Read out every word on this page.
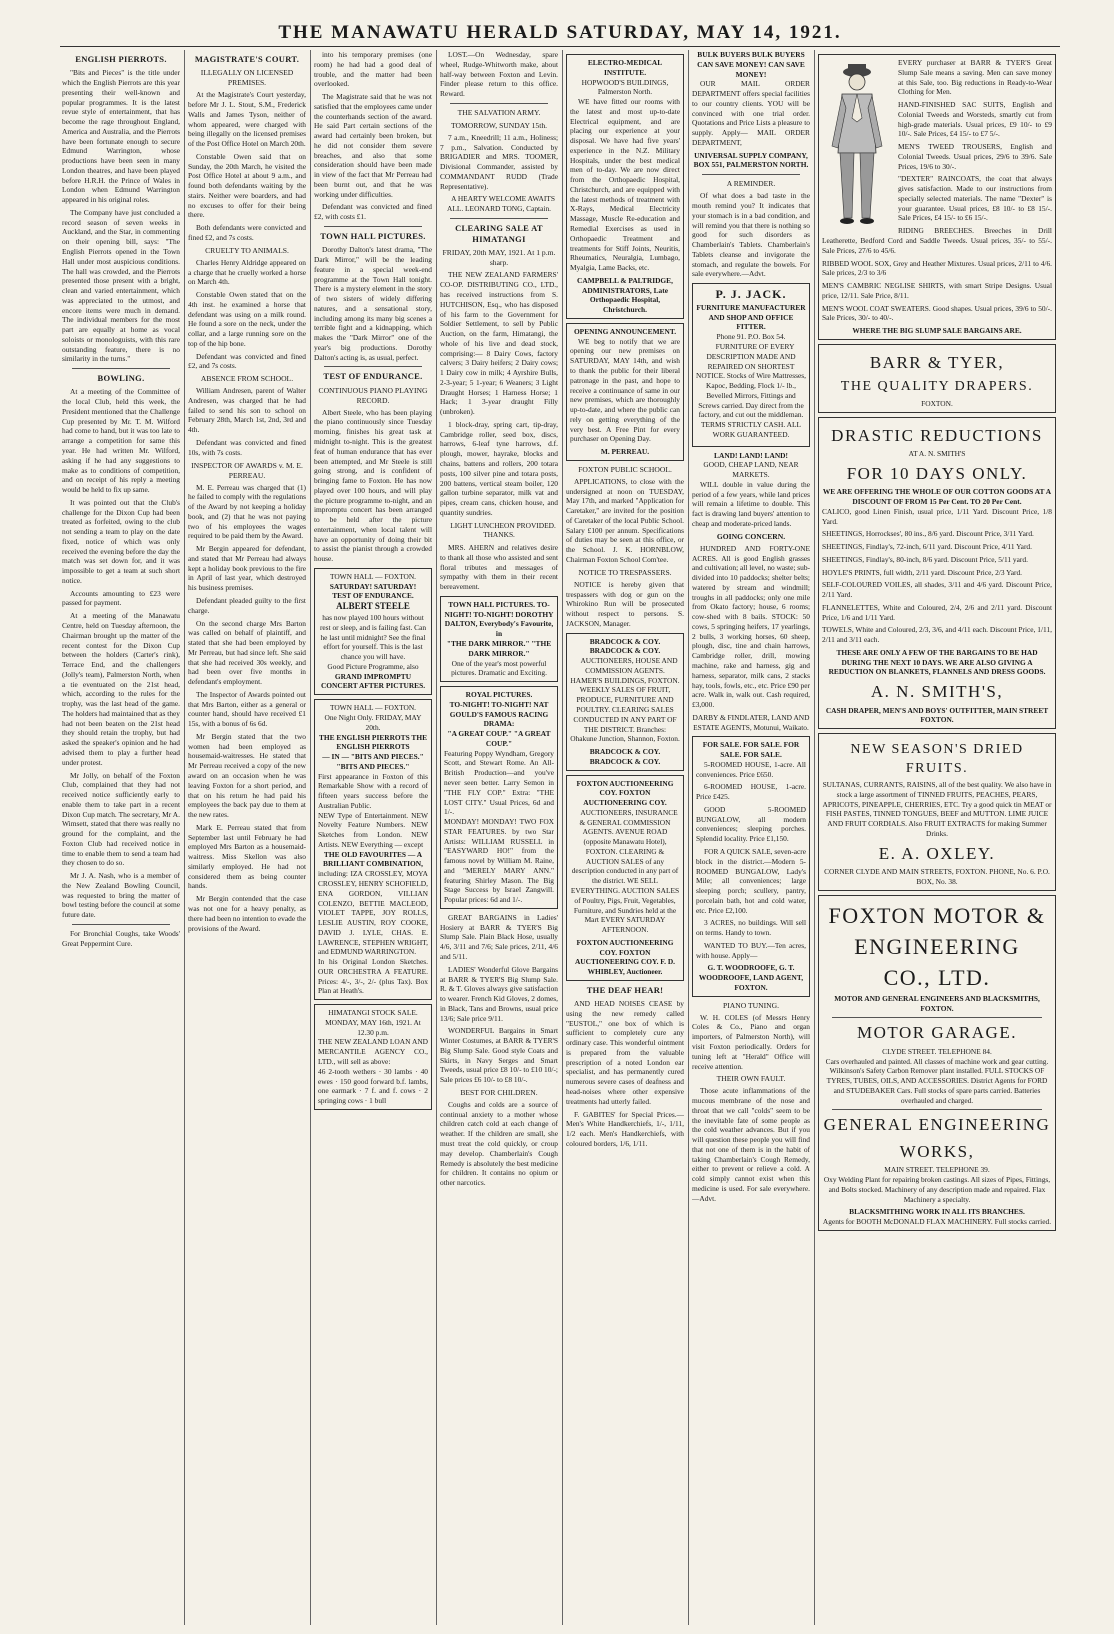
THE MANAWATU HERALD SATURDAY, MAY 14, 1921.
ENGLISH PIERROTS.

"Bits and Pieces" is the title under which the English Pierrots are this year presenting their well-known and popular programmes. It is the latest revue style of entertainment, that has become the rage throughout England, America and Australia, and the Pierrots have been fortunate enough to secure Edmund Warrington, whose productions have been seen in many London theatres, and have been played before H.R.H. the Prince of Wales in London when Edmund Warrington appeared in his original roles.

The Company have just concluded a record season of seven weeks in Auckland, and the Star, in commenting on their opening bill, says: "The English Pierrots opened in the Town Hall under most auspicious conditions. The hall was crowded, and the Pierrots presented those present with a bright, clean and varied entertainment, which was appreciated to the utmost, and encore items were much in demand. The individual members for the most part are equally at home as vocal soloists or monologuists, with this rare outstanding feature, there is no similarity in the turns."

BOWLING.

At a meeting of the Committee of the local Club, held this week, the President mentioned that the Challenge Cup presented by Mr. T. M. Wilford had come to hand, but it was too late to arrange a competition for same this year. He had written Mr. Wilford, asking if he had any suggestions to make as to conditions of competition, and on receipt of his reply a meeting would be held to fix up same.

It was pointed out that the Club's challenge for the Dixon Cup had been treated as forfeited, owing to the club not sending a team to play on the date fixed, notice of which was only received the evening before the day the match was set down for, and it was impossible to get a team at such short notice.

Accounts amounting to £23 were passed for payment.

At a meeting of the Manawatu Centre, held on Tuesday afternoon, the Chairman brought up the matter of the recent contest for the Dixon Cup between the holders (Carter's rink), Terrace End, and the challengers (Jolly's team), Palmerston North, when a tie eventuated on the 21st head, which, according to the rules for the trophy, was the last head of the game. The holders had maintained that as they had not been beaten on the 21st head they should retain the trophy, but had asked the speaker's opinion and he had advised them to play a further head under protest.

Mr Jolly, on behalf of the Foxton Club, complained that they had not received notice sufficiently early to enable them to take part in a recent Dixon Cup match. The secretary, Mr A. Wimsett, stated that there was really no ground for the complaint, and the Foxton Club had received notice in time to enable them to send a team had they chosen to do so.

Mr J. A. Nash, who is a member of the New Zealand Bowling Council, was requested to bring the matter of bowl testing before the council at some future date.

For Bronchial Coughs, take Woods' Great Peppermint Cure.

MAGISTRATE'S COURT.
ILLEGALLY ON LICENSED PREMISES.

At the Magistrate's Court yesterday, before Mr J. L. Stout, S.M., Frederick Walls and James Tyson, neither of whom appeared, were charged with being illegally on the licensed premises of the Post Office Hotel on March 20th.

Constable Owen said that on Sunday, the 20th March, he visited the Post Office Hotel at about 9 a.m., and found both defendants waiting by the stairs. Neither were boarders, and had no excuses to offer for their being there.

Both defendants were convicted and fined £2, and 7s costs.

CRUELTY TO ANIMALS.

Charles Henry Aldridge appeared on a charge that he cruelly worked a horse on March 4th.

Constable Owen stated that on the 4th inst. he examined a horse that defendant was using on a milk round. He found a sore on the neck, under the collar, and a large running sore on the top of the hip bone.

Defendant was convicted and fined £2, and 7s costs.

ABSENCE FROM SCHOOL.

William Andresen, parent of Walter Andresen, was charged that he had failed to send his son to school on February 28th, March 1st, 2nd, 3rd and 4th.

Defendant was convicted and fined 10s, with 7s costs.

INSPECTOR OF AWARDS v. M. E. PERREAU.

M. E. Perreau was charged that (1) he failed to comply with the regulations of the Award by not keeping a holiday book, and (2) that he was not paying two of his employees the wages required to be paid them by the Award.

Mr Bergin appeared for defendant, and stated that Mr Perreau had always kept a holiday book previous to the fire in April of last year, which destroyed his business premises.

Defendant pleaded guilty to the first charge.

On the second charge Mrs Barton was called on behalf of plaintiff, and stated that she had been employed by Mr Perreau, but had since left. She said that she had received 30s weekly, and had been over five months in defendant's employment.

The Inspector of Awards pointed out that Mrs Barton, either as a general or counter hand, should have received £1 15s, with a bonus of 6s 6d.

Mr Bergin stated that the two women had been employed as housemaid-waitresses. He stated that Mr Perreau received a copy of the new award on an occasion when he was leaving Foxton for a short period, and that on his return he had paid his employees the back pay due to them at the new rates.

Mark E. Perreau stated that from September last until February he had employed Mrs Barton as a housemaid-waitress. Miss Skellon was also similarly employed. He had not considered them as being counter hands.

Mr Bergin contended that the case was not one for a heavy penalty, as there had been no intention to evade the provisions of the Award.

into his temporary premises (one room) he had had a good deal of trouble, and the matter had been overlooked.

The Magistrate said that he was not satisfied that the employees came under the counterhands section of the award. He said Part certain sections of the award had certainly been broken, but he did not consider them severe breaches, and also that some consideration should have been made in view of the fact that Mr Perreau had been burnt out, and that he was working under difficulties.

Defendant was convicted and fined £2, with costs £1.

TOWN HALL PICTURES.

Dorothy Dalton's latest drama, "The Dark Mirror," will be the leading feature in a special week-end programme at the Town Hall tonight. There is a mystery element in the story of two sisters of widely differing natures, and a sensational story, including among its many big scenes a terrible fight and a kidnapping, which makes the "Dark Mirror" one of the year's big productions. Dorothy Dalton's acting is, as usual, perfect.

TEST OF ENDURANCE.
CONTINUOUS PIANO PLAYING RECORD.

Albert Steele, who has been playing the piano continuously since Tuesday morning, finishes his great task at midnight to-night. This is the greatest feat of human endurance that has ever been attempted, and Mr Steele is still going strong, and is confident of bringing fame to Foxton. He has now played over 100 hours, and will play the picture programme to-night, and an impromptu concert has been arranged to be held after the picture entertainment, when local talent will have an opportunity of doing their bit to assist the pianist through a crowded house.

TOWN HALL — FOXTON.
SATURDAY! SATURDAY!
TEST OF ENDURANCE.
ALBERT STEELE
has now played 100 hours without rest or sleep, and is failing fast. Can he last until midnight? See the final effort for yourself. This is the last chance you will have.
Good Picture Programme, also
GRAND IMPROMPTU CONCERT AFTER PICTURES.
TOWN HALL — FOXTON.
One Night Only. FRIDAY, MAY 20th.
THE ENGLISH PIERROTS THE ENGLISH PIERROTS
— IN — "BITS AND PIECES." "BITS AND PIECES."
First appearance in Foxton of this Remarkable Show with a record of fifteen years success before the Australian Public.
NEW Type of Entertainment. NEW Novelty Feature Numbers. NEW Sketches from London. NEW Artists. NEW Everything — except
THE OLD FAVOURITES — A BRILLIANT COMBINATION,
including: IZA CROSSLEY, MOYA CROSSLEY, HENRY SCHOFIELD, ENA GORDON, VILLIAN COLENZO, BETTIE MACLEOD, VIOLET TAPPE, JOY ROLLS, LESLIE AUSTIN, ROY COOKE, DAVID J. LYLE, CHAS. E. LAWRENCE, STEPHEN WRIGHT, and EDMUND WARRINGTON.
In his Original London Sketches. OUR ORCHESTRA A FEATURE. Prices: 4/-, 3/-, 2/- (plus Tax). Box Plan at Heath's.
HIMATANGI STOCK SALE. MONDAY, MAY 16th, 1921. At 12.30 p.m.
THE NEW ZEALAND LOAN AND MERCANTILE AGENCY CO., LTD., will sell as above:
46 2-tooth wethers · 30 lambs · 40 ewes · 150 good forward b.f. lambs, one earmark · 7 f. and f. cows · 2 springing cows · 1 bull

LOST.—On Wednesday, spare wheel, Rudge-Whitworth make, about half-way between Foxton and Levin. Finder please return to this office. Reward.

THE SALVATION ARMY.
TOMORROW, SUNDAY 15th.

7 a.m., Kneedrill; 11 a.m., Holiness; 7 p.m., Salvation. Conducted by BRIGADIER and MRS. TOOMER, Divisional Commander, assisted by COMMANDANT RUDD (Trade Representative).

A HEARTY WELCOME AWAITS ALL. LEONARD TONG, Captain.

CLEARING SALE AT HIMATANGI
FRIDAY, 20th MAY, 1921. At 1 p.m. sharp.

THE NEW ZEALAND FARMERS' CO-OP. DISTRIBUTING CO., LTD., has received instructions from S. HUTCHISON, Esq., who has disposed of his farm to the Government for Soldier Settlement, to sell by Public Auction, on the farm, Himatangi, the whole of his live and dead stock, comprising:— 8 Dairy Cows, factory calvers; 3 Dairy heifers; 2 Dairy cows; 1 Dairy cow in milk; 4 Ayrshire Bulls, 2-3-year; 5 1-year; 6 Weaners; 3 Light Draught Horses; 1 Harness Horse; 1 Hack; 1 3-year draught Filly (unbroken).

1 block-dray, spring cart, tip-dray, Cambridge roller, seed box, discs, harrows, 6-leaf tyne harrows, d.f. plough, mower, hayrake, blocks and chains, battens and rollers, 200 totara posts, 100 silver pine and totara posts, 200 battens, vertical steam boiler, 120 gallon turbine separator, milk vat and pipes, cream cans, chicken house, and quantity sundries.

LIGHT LUNCHEON PROVIDED. THANKS.

MRS. AHERN and relatives desire to thank all those who assisted and sent floral tributes and messages of sympathy with them in their recent bereavement.

TOWN HALL PICTURES. TO-NIGHT! TO-NIGHT! DOROTHY DALTON, Everybody's Favourite, in
"THE DARK MIRROR." "THE DARK MIRROR."
One of the year's most powerful pictures. Dramatic and Exciting.
ROYAL PICTURES.
TO-NIGHT! TO-NIGHT! NAT GOULD'S FAMOUS RACING DRAMA:
"A GREAT COUP." "A GREAT COUP."
Featuring Poppy Wyndham, Gregory Scott, and Stewart Rome. An All-British Production—and you've never seen better. Larry Semon in "THE FLY COP." Extra: "THE LOST CITY." Usual Prices, 6d and 1/-.
MONDAY! MONDAY! TWO FOX STAR FEATURES. by two Star Artists: WILLIAM RUSSELL in "EASYWARD HO!" from the famous novel by William M. Raine, and "MERELY MARY ANN." featuring Shirley Mason. The Big Stage Success by Israel Zangwill. Popular prices: 6d and 1/-.

GREAT BARGAINS in Ladies' Hosiery at BARR & TYER'S Big Slump Sale. Plain Black Hose, usually 4/6, 3/11 and 7/6; Sale prices, 2/11, 4/6 and 5/11.

LADIES' Wonderful Glove Bargains at BARR & TYER'S Big Slump Sale. R. & T. Gloves always give satisfaction to wearer. French Kid Gloves, 2 domes, in Black, Tans and Browns, usual price 13/6; Sale price 9/11.

WONDERFUL Bargains in Smart Winter Costumes, at BARR & TYER'S Big Slump Sale. Good style Coats and Skirts, in Navy Serges and Smart Tweeds, usual price £8 10/- to £10 10/-; Sale prices £6 10/- to £8 10/-.

BEST FOR CHILDREN.

Coughs and colds are a source of continual anxiety to a mother whose children catch cold at each change of weather. If the children are small, she must treat the cold quickly, or croup may develop. Chamberlain's Cough Remedy is absolutely the best medicine for children. It contains no opium or other narcotics.

ELECTRO-MEDICAL INSTITUTE.
HOPWOOD'S BUILDINGS, Palmerston North.

WE have fitted our rooms with the latest and most up-to-date Electrical equipment, and are placing our experience at your disposal. We have had five years' experience in the N.Z. Military Hospitals, under the best medical men of to-day. We are now direct from the Orthopaedic Hospital, Christchurch, and are equipped with the latest methods of treatment with X-Rays, Medical Electricity Massage, Muscle Re-education and Remedial Exercises as used in Orthopaedic Treatment and treatments for Stiff Joints, Neuritis, Rheumatics, Neuralgia, Lumbago, Myalgia, Lame Backs, etc.

CAMPBELL & PALTRIDGE, ADMINISTRATORS, Late Orthopaedic Hospital, Christchurch.
OPENING ANNOUNCEMENT.

WE beg to notify that we are opening our new premises on SATURDAY, MAY 14th, and wish to thank the public for their liberal patronage in the past, and hope to receive a continuance of same in our new premises, which are thoroughly up-to-date, and where the public can rely on getting everything of the very best. A Free Pint for every purchaser on Opening Day.

M. PERREAU.
FOXTON PUBLIC SCHOOL.

APPLICATIONS, to close with the undersigned at noon on TUESDAY, May 17th, and marked "Application for Caretaker," are invited for the position of Caretaker of the local Public School. Salary £100 per annum. Specifications of duties may be seen at this office, or the School. J. K. HORNBLOW, Chairman Foxton School Com'tee.

NOTICE TO TRESPASSERS.

NOTICE is hereby given that trespassers with dog or gun on the Whirokino Run will be prosecuted without respect to persons. S. JACKSON, Manager.

BRADCOCK & COY. BRADCOCK & COY.

AUCTIONEERS, HOUSE AND COMMISSION AGENTS. HAMER'S BUILDINGS, FOXTON. WEEKLY SALES OF FRUIT, PRODUCE, FURNITURE AND POULTRY. CLEARING SALES CONDUCTED IN ANY PART OF THE DISTRICT. Branches: Ohakune Junction, Shannon, Foxton.

BRADCOCK & COY. BRADCOCK & COY.
FOXTON AUCTIONEERING COY. FOXTON AUCTIONEERING COY.

AUCTIONEERS, INSURANCE & GENERAL COMMISSION AGENTS. AVENUE ROAD (opposite Manawatu Hotel), FOXTON. CLEARING & AUCTION SALES of any description conducted in any part of the district. WE SELL EVERYTHING. AUCTION SALES of Poultry, Pigs, Fruit, Vegetables, Furniture, and Sundries held at the Mart EVERY SATURDAY AFTERNOON.

FOXTON AUCTIONEERING COY. FOXTON AUCTIONEERING COY. F. D. WHIBLEY, Auctioneer.
THE DEAF HEAR!

AND HEAD NOISES CEASE by using the new remedy called "EUSTOL," one box of which is sufficient to completely cure any ordinary case. This wonderful ointment is prepared from the valuable prescription of a noted London ear specialist, and has permanently cured numerous severe cases of deafness and head-noises where other expensive treatments had utterly failed.

F. GABITES' for Special Prices.— Men's White Handkerchiefs, 1/-, 1/11, 1/2 each. Men's Handkerchiefs, with coloured borders, 1/6, 1/11.

BULK BUYERS BULK BUYERS CAN SAVE MONEY! CAN SAVE MONEY!

OUR MAIL ORDER DEPARTMENT offers special facilities to our country clients. YOU will be convinced with one trial order. Quotations and Price Lists a pleasure to supply. Apply— MAIL ORDER DEPARTMENT,

UNIVERSAL SUPPLY COMPANY, BOX 551, PALMERSTON NORTH.
A REMINDER.

Of what does a bad taste in the mouth remind you? It indicates that your stomach is in a bad condition, and will remind you that there is nothing so good for such disorders as Chamberlain's Tablets. Chamberlain's Tablets cleanse and invigorate the stomach, and regulate the bowels. For sale everywhere.—Advt.

P. J. JACK.
FURNITURE MANUFACTURER AND SHOP AND OFFICE FITTER.
Phone 91. P.O. Box 54.

FURNITURE OF EVERY DESCRIPTION MADE AND REPAIRED ON SHORTEST NOTICE. Stocks of Wire Mattresses, Kapoc, Bedding, Flock 1/- lb., Bevelled Mirrors, Fittings and Screws carried. Day direct from the factory, and cut out the middleman. TERMS STRICTLY CASH. ALL WORK GUARANTEED.

LAND! LAND! LAND!
GOOD, CHEAP LAND, NEAR MARKETS.

WILL double in value during the period of a few years, while land prices will remain a lifetime to double. This fact is drawing land buyers' attention to cheap and moderate-priced lands.

GOING CONCERN.

HUNDRED AND FORTY-ONE ACRES. All is good English grasses and cultivation; all level, no waste; sub-divided into 10 paddocks; shelter belts; watered by stream and windmill; troughs in all paddocks; only one mile from Okato factory; house, 6 rooms; cow-shed with 8 bails. STOCK: 50 cows, 5 springing heifers, 17 yearlings, 2 bulls, 3 working horses, 60 sheep, plough, disc, tine and chain harrows, Cambridge roller, drill, mowing machine, rake and harness, gig and harness, separator, milk cans, 2 stacks hay, tools, fowls, etc., etc. Price £90 per acre. Walk in, walk out. Cash required, £3,000.

DARBY & FINDLATER, LAND AND ESTATE AGENTS, Motunui, Waikato.
FOR SALE. FOR SALE. FOR SALE. FOR SALE.

5-ROOMED HOUSE, 1-acre. All conveniences. Price £650.

6-ROOMED HOUSE, 1-acre. Price £425.

GOOD 5-ROOMED BUNGALOW, all modern conveniences; sleeping porches. Splendid locality. Price £1,150.

FOR A QUICK SALE, seven-acre block in the district.—Modern 5-ROOMED BUNGALOW, Lady's Mile; all conveniences; large sleeping porch; scullery, pantry, porcelain bath, hot and cold water, etc. Price £2,100.

3 ACRES, no buildings. Will sell on terms. Handy to town.

WANTED TO BUY.—Ten acres, with house. Apply—

G. T. WOODROOFE, G. T. WOODROOFE, LAND AGENT, FOXTON.
PIANO TUNING.

W. H. COLES (of Messrs Henry Coles & Co., Piano and organ importers, of Palmerston North), will visit Foxton periodically. Orders for tuning left at "Herald" Office will receive attention.

THEIR OWN FAULT.

Those acute inflammations of the mucous membrane of the nose and throat that we call "colds" seem to be the inevitable fate of some people as the cold weather advances. But if you will question these people you will find that not one of them is in the habit of taking Chamberlain's Cough Remedy, either to prevent or relieve a cold. A cold simply cannot exist when this medicine is used. For sale everywhere.—Advt.

EVERY purchaser at BARR & TYER'S Great Slump Sale means a saving. Men can save money at this Sale, too. Big reductions in Ready-to-Wear Clothing for Men.

HAND-FINISHED SAC SUITS, English and Colonial Tweeds and Worsteds, smartly cut from high-grade materials. Usual prices, £9 10/- to £9 10/-. Sale Prices, £4 15/- to £7 5/-.

MEN'S TWEED TROUSERS, English and Colonial Tweeds. Usual prices, 29/6 to 39/6. Sale Prices, 19/6 to 30/-.

"DEXTER" RAINCOATS, the coat that always gives satisfaction. Made to our instructions from specially selected materials. The name "Dexter" is your guarantee. Usual prices, £8 10/- to £8 15/-. Sale Prices, £4 15/- to £6 15/-.

RIDING BREECHES. Breeches in Drill Leatherette, Bedford Cord and Saddle Tweeds. Usual prices, 35/- to 55/-. Sale Prices, 27/6 to 45/6.

RIBBED WOOL SOX, Grey and Heather Mixtures. Usual prices, 2/11 to 4/6. Sale prices, 2/3 to 3/6

MEN'S CAMBRIC NEGLISE SHIRTS, with smart Stripe Designs. Usual price, 12/11. Sale Price, 8/11.

MEN'S WOOL COAT SWEATERS. Good shapes. Usual prices, 39/6 to 50/-. Sale Prices, 30/- to 40/-.

WHERE THE BIG SLUMP SALE BARGAINS ARE.
BARR & TYER,
THE QUALITY DRAPERS.
FOXTON.
DRASTIC REDUCTIONS
AT A. N. SMITH'S
FOR 10 DAYS ONLY.
WE ARE OFFERING THE WHOLE OF OUR COTTON GOODS AT A DISCOUNT OF FROM 15 Per Cent. TO 20 Per Cent.

CALICO, good Linen Finish, usual price, 1/11 Yard. Discount Price, 1/8 Yard.

SHEETINGS, Horrockses', 80 ins., 8/6 yard. Discount Price, 3/11 Yard.

SHEETINGS, Findlay's, 72-inch, 6/11 yard. Discount Price, 4/11 Yard.

SHEETINGS, Findlay's, 80-inch, 8/6 yard. Discount Price, 5/11 yard.

HOYLE'S PRINTS, full width, 2/11 yard. Discount Price, 2/3 Yard.

SELF-COLOURED VOILES, all shades, 3/11 and 4/6 yard. Discount Price, 2/11 Yard.

FLANNELETTES, White and Coloured, 2/4, 2/6 and 2/11 yard. Discount Price, 1/6 and 1/11 Yard.

TOWELS, White and Coloured, 2/3, 3/6, and 4/11 each. Discount Price, 1/11, 2/11 and 3/11 each.

THESE ARE ONLY A FEW OF THE BARGAINS TO BE HAD DURING THE NEXT 10 DAYS. WE ARE ALSO GIVING A REDUCTION ON BLANKETS, FLANNELS AND DRESS GOODS.
A. N. SMITH'S,
CASH DRAPER, MEN'S AND BOYS' OUTFITTER, MAIN STREET FOXTON.
NEW SEASON'S DRIED FRUITS.

SULTANAS, CURRANTS, RAISINS, all of the best quality. We also have in stock a large assortment of TINNED FRUITS, PEACHES, PEARS, APRICOTS, PINEAPPLE, CHERRIES, ETC. Try a good quick tin MEAT or FISH PASTES, TINNED TONGUES, BEEF and MUTTON. LIME JUICE AND FRUIT CORDIALS. Also FRUIT EXTRACTS for making Summer Drinks.

E. A. OXLEY.
CORNER CLYDE AND MAIN STREETS, FOXTON. PHONE, No. 6. P.O. BOX, No. 38.
FOXTON MOTOR &
ENGINEERING
CO., LTD.
MOTOR AND GENERAL ENGINEERS AND BLACKSMITHS, FOXTON.
MOTOR GARAGE.
CLYDE STREET. TELEPHONE 84.

Cars overhauled and painted. All classes of machine work and gear cutting. Wilkinson's Safety Carbon Remover plant installed. FULL STOCKS OF TYRES, TUBES, OILS, AND ACCESSORIES. District Agents for FORD and STUDEBAKER Cars. Full stocks of spare parts carried. Batteries overhauled and charged.

GENERAL ENGINEERING
WORKS,
MAIN STREET. TELEPHONE 39.

Oxy Welding Plant for repairing broken castings. All sizes of Pipes, Fittings, and Bolts stocked. Machinery of any description made and repaired. Flax Machinery a specialty.

BLACKSMITHING WORK IN ALL ITS BRANCHES.
Agents for BOOTH McDONALD FLAX MACHINERY. Full stocks carried.
